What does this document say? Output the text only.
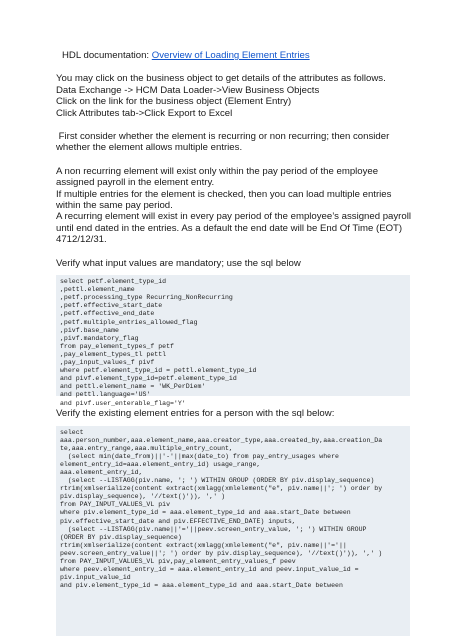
HDL documentation: Overview of Loading Element Entries

You may click on the business object to get details of the attributes as follows.

Data Exchange -> HCM Data Loader->View Business Objects

Click on the link for the business object (Element Entry)

Click Attributes tab->Click Export to Excel

First consider whether the element is recurring or non recurring; then consider

whether the element allows multiple entries.

A non recurring element will exist only within the pay period of the employee

assigned payroll in the element entry.

If multiple entries for the element is checked, then you can load multiple entries

within the same pay period.

A recurring element will exist in every pay period of the employee’s assigned payroll

until end dated in the entries. As a default the end date will be End Of Time (EOT)

4712/12/31.

Verify what input values are mandatory; use the sql below

select petf.element_type_id
,pettl.element_name
,petf.processing_type Recurring_NonRecurring
,petf.effective_start_date
,petf.effective_end_date
,petf.multiple_entries_allowed_flag
,pivf.base_name
,pivf.mandatory_flag
from pay_element_types_f petf
,pay_element_types_tl pettl
,pay_input_values_f pivf
where petf.element_type_id = pettl.element_type_id
and pivf.element_type_id=petf.element_type_id
and pettl.element_name = 'WK_PerDiem'
and pettl.language='US'
and pivf.user_enterable_flag='Y'

Verify the existing element entries for a person with the sql below:

select
aaa.person_number,aaa.element_name,aaa.creator_type,aaa.created_by,aaa.creation_Da
te,aaa.entry_range,aaa.multiple_entry_count,
(select min(date_from)||'-'||max(date_to) from pay_entry_usages where
element_entry_id=aaa.element_entry_id) usage_range,
aaa.element_entry_id,
(select --LISTAGG(piv.name, '; ') WITHIN GROUP (ORDER BY piv.display_sequence)
rtrim(xmlserialize(content extract(xmlagg(xmlelement("e", piv.name||'; ') order by
piv.display_sequence), '//text()')), ',' )
from PAY_INPUT_VALUES_VL piv
where piv.element_type_id = aaa.element_type_id and aaa.start_Date between
piv.effective_start_date and piv.EFFECTIVE_END_DATE) inputs,
(select --LISTAGG(piv.name||'='||peev.screen_entry_value, '; ') WITHIN GROUP
(ORDER BY piv.display_sequence)
rtrim(xmlserialize(content extract(xmlagg(xmlelement("e", piv.name||'='||
peev.screen_entry_value||'; ') order by piv.display_sequence), '//text()')), ',' )
from PAY_INPUT_VALUES_VL piv,pay_element_entry_values_f peev
where peev.element_entry_id = aaa.element_entry_id and peev.input_value_id =
piv.input_value_id
and piv.element_type_id = aaa.element_type_id and aaa.start_Date between
